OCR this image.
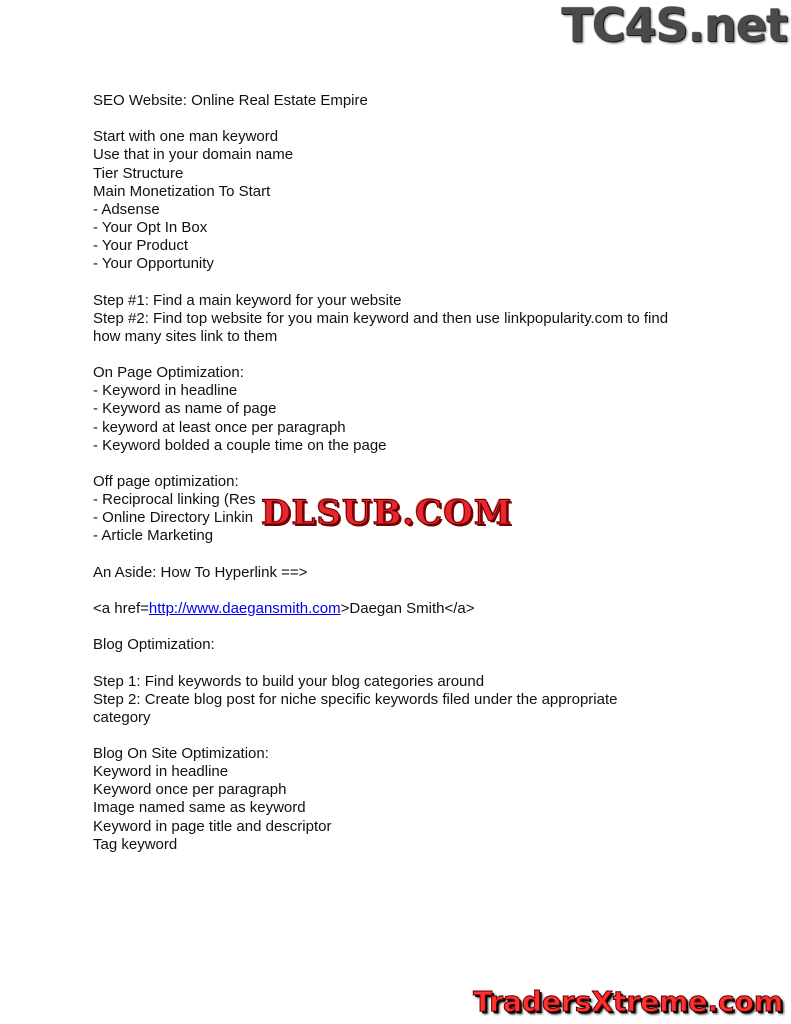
TC4S.net
SEO Website: Online Real Estate Empire
Start with one man keyword
Use that in your domain name
Tier Structure
Main Monetization To Start
- Adsense
- Your Opt In Box
- Your Product
- Your Opportunity
Step #1: Find a main keyword for your website
Step #2: Find top website for you main keyword and then use linkpopularity.com to find
how many sites link to them
On Page Optimization:
- Keyword in headline
- Keyword as name of page
- keyword at least once per paragraph
- Keyword bolded a couple time on the page
Off page optimization:
- Reciprocal linking (Res
- Online Directory Linkin
- Article Marketing
An Aside: How To Hyperlink ==>
<a href=http://www.daegansmith.com>Daegan Smith</a>
Blog Optimization:
Step 1: Find keywords to build your blog categories around
Step 2: Create blog post for niche specific keywords filed under the appropriate
category
Blog On Site Optimization:
Keyword in headline
Keyword once per paragraph
Image named same as keyword
Keyword in page title and descriptor
Tag keyword
DLSUB.COM
TradersXtreme.com
